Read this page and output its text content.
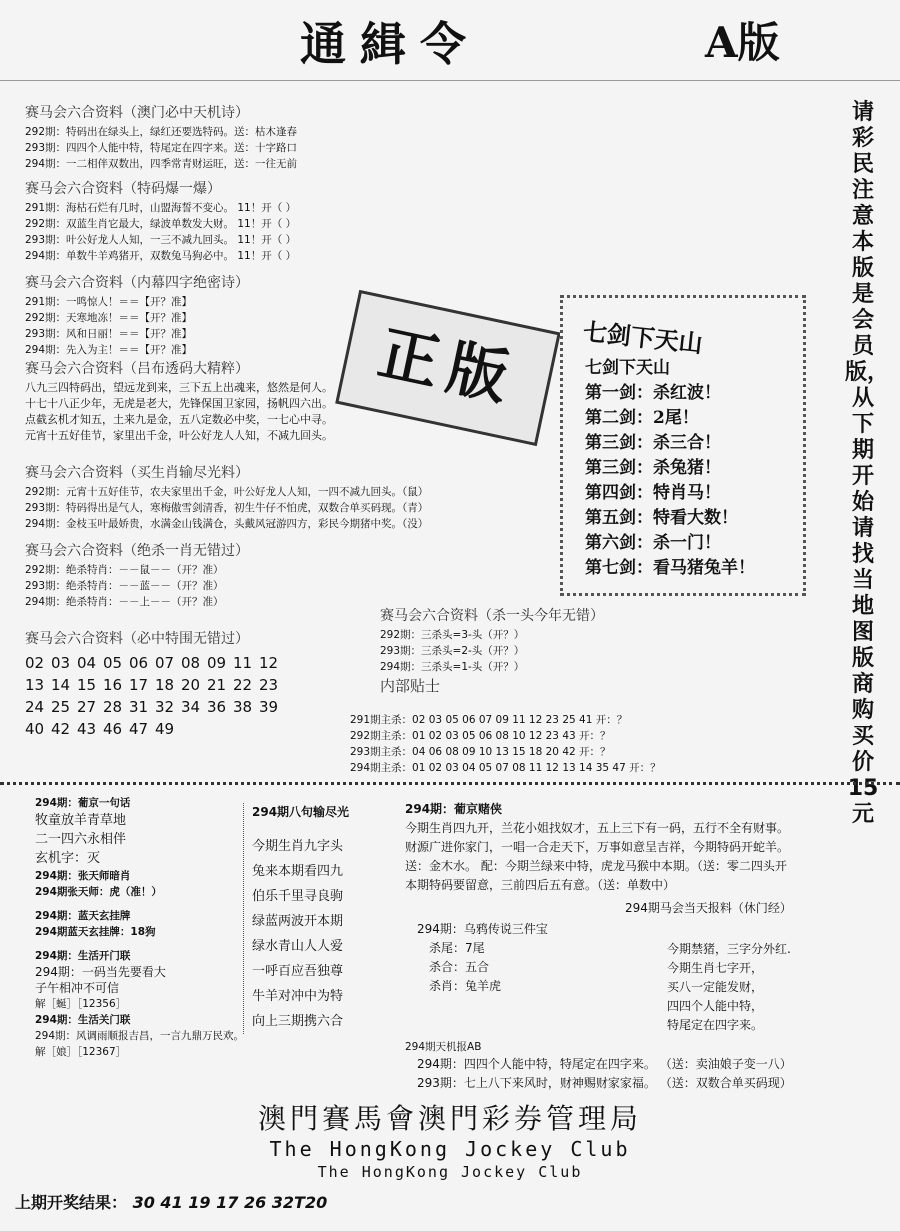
通緝令	A版
赛马会六合资料（澳门必中天机诗）
292期：特码出在绿头上，绿红还要选特码。送：枯木逢春
293期：四四个人能中特，特尾定在四字来。送：十字路口
294期：一二相伴双数出，四季常青财运旺，送：一往无前
赛马会六合资料（特码爆一爆）
291期：海枯石烂有几时，山盟海誓不变心。 11！开（ ）
292期：双蓝生肖它最大，绿波单数发大财。 11！开（ ）
293期：叶公好龙人人知，一三不减九回头。 11！开（ ）
294期：单数牛羊鸡猪开，双数兔马狗必中。 11！开（ ）
赛马会六合资料（内幕四字绝密诗）
291期：一鸣惊人！＝＝【开？准】
292期：天寒地冻！＝＝【开？准】
293期：风和日丽！＝＝【开？准】
294期：先入为主！＝＝【开？准】
赛马会六合资料（吕布透码大精粹）
八九三四特码出，望远龙到来，三下五上出魂来，悠然是何人。
十七十八正少年，无虎是老大，先锋保国卫家园，扬帆四六出。
点截玄机才知五，土来九是金，五八定数必中奖，一七心中寻。
元宵十五好佳节，家里出千金，叶公好龙人人知，不减九回头。
赛马会六合资料（买生肖输尽光料）
292期：元宵十五好佳节，农夫家里出千金，叶公好龙人人知，一四不减九回头。（鼠）
293期：特码得出是气人，寒梅傲雪剑清香，初生牛仔不怕虎，双数合单买码现。（青）
294期：金枝玉叶最娇贵，水满金山钱满仓，头戴风冠游四方，彩民今期猪中奖。（没）
赛马会六合资料（绝杀一肖无错过）
292期：绝杀特肖：－－鼠－－（开？准）
293期：绝杀特肖：－－蓝－－（开？准）
294期：绝杀特肖：－－上－－（开？准）
赛马会六合资料（必中特围无错过）
02 03 04 05 06 07 08 09 11 12
13 14 15 16 17 18 20 21 22 23
24 25 27 28 31 32 34 36 38 39
40 42 43 46 47 49
正版
请彩民注意本版是会员版，从下期开始请找当地图版商购买价15元
七剑下天山
七剑下天山
第一剑：杀红波！
第二剑：2尾！
第三剑：杀三合！
第三剑：杀兔猪！
第四剑：特肖马！
第五剑：特看大数！
第六剑：杀一门！
第七剑：看马猪兔羊！
赛马会六合资料（杀一头今年无错）
292期：三杀头=3-头（开？）
293期：三杀头=2-头（开？）
294期：三杀头=1-头（开？）
内部贴士
291期主杀：02 03 05 06 07 09 11 12 23 25 41 开：？
292期主杀：01 02 03 05 06 08 10 12 23 43 开：？
293期主杀：04 06 08 09 10 13 15 18 20 42 开：？
294期主杀：01 02 03 04 05 07 08 11 12 13 14 35 47 开：？
294期：葡京一句话
牧童放羊青草地
二一四六永相伴
玄机字：灭
294期：张天师暗肖
294期张天师：虎（准！）
294期：蓝天玄挂牌
294期蓝天玄挂牌：18狗
294期：生活开门联
294期：一码当先要看大
子午相冲不可信
解［蜒］［12356］
294期：生活关门联
294期：风调雨顺报吉昌，一言九鼎万民欢。
解［娘］［12367］
294期八句输尽光
今期生肖九字头
兔来本期看四九
伯乐千里寻良驹
绿蓝两波开本期
绿水青山人人爱
一呼百应吾独尊
牛羊对冲中为特
向上三期携六合
294期：葡京赌侠
今期生肖四九开，兰花小姐找奴才，五上三下有一码，五行不全有财事。
财源广进你家门，一唱一合走天下，万事如意呈吉祥，今期特码开蛇羊。
送：金木水。 配：今期兰绿来中特，虎龙马猴中本期。（送：零二四头开
本期特码要留意，三前四后五有意。（送：单数中）
294期马会当天报料（休门经）
294期：乌鸦传说三件宝
杀尾：7尾
杀合：五合
杀肖：兔羊虎
今期禁猪，三字分外红.
今期生肖七字开，
买八一定能发财，
四四个人能中特，
特尾定在四字来。
294期天机报AB
294期：四四个人能中特，特尾定在四字来。 （送：卖油娘子变一八）
293期：七上八下来风时，财神赐财家家福。 （送：双数合单买码现）
澳門賽馬會澳門彩券管理局
The HongKong Jockey Club
The HongKong Jockey Club
上期开奖结果： 30 41 19 17 26 32T20
